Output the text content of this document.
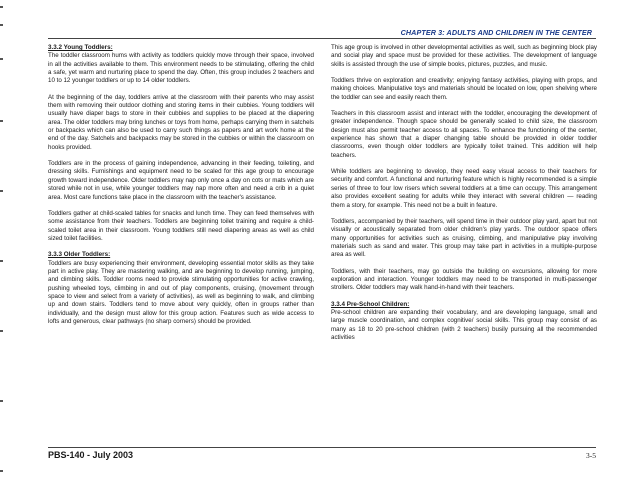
CHAPTER 3: ADULTS AND CHILDREN IN THE CENTER
3.3.2 Young Toddlers:

The toddler classroom hums with activity as toddlers quickly move through their space, involved in all the activities available to them. This environment needs to be stimulating, offering the child a safe, yet warm and nurturing place to spend the day. Often, this group includes 2 teachers and 10 to 12 younger toddlers or up to 14 older toddlers.

At the beginning of the day, toddlers arrive at the classroom with their parents who may assist them with removing their outdoor clothing and storing items in their cubbies. Young toddlers will usually have diaper bags to store in their cubbies and supplies to be placed at the diapering area. The older toddlers may bring lunches or toys from home, perhaps carrying them in satchels or backpacks which can also be used to carry such things as papers and art work home at the end of the day. Satchels and backpacks may be stored in the cubbies or within the classroom on hooks provided.

Toddlers are in the process of gaining independence, advancing in their feeding, toileting, and dressing skills. Furnishings and equipment need to be scaled for this age group to encourage growth toward independence. Older toddlers may nap only once a day on cots or mats which are stored while not in use, while younger toddlers may nap more often and need a crib in a quiet area. Most care functions take place in the classroom with the teacher's assistance.

Toddlers gather at child-scaled tables for snacks and lunch time. They can feed themselves with some assistance from their teachers. Toddlers are beginning toilet training and require a child-scaled toilet area in their classroom. Young toddlers still need diapering areas as well as child sized toilet facilities.

3.3.3 Older Toddlers:

Toddlers are busy experiencing their environment, developing essential motor skills as they take part in active play. They are mastering walking, and are beginning to develop running, jumping, and climbing skills. Toddler rooms need to provide stimulating opportunities for active crawling, pushing wheeled toys, climbing in and out of play components, cruising, (movement through space to view and select from a variety of activities), as well as beginning to walk, and climbing up and down stairs. Toddlers tend to move about very quickly, often in groups rather than individually, and the design must allow for this group action. Features such as wide access to lofts and generous, clear pathways (no sharp corners) should be provided.

This age group is involved in other developmental activities as well, such as beginning block play and social play and space must be provided for these activities. The development of language skills is assisted through the use of simple books, pictures, puzzles, and music.

Toddlers thrive on exploration and creativity; enjoying fantasy activities, playing with props, and making choices. Manipulative toys and materials should be located on low, open shelving where the toddler can see and easily reach them.

Teachers in this classroom assist and interact with the toddler, encouraging the development of greater independence. Though space should be generally scaled to child size, the classroom design must also permit teacher access to all spaces. To enhance the functioning of the center, experience has shown that a diaper changing table should be provided in older toddler classrooms, even though older toddlers are typically toilet trained. This addition will help teachers.

While toddlers are beginning to develop, they need easy visual access to their teachers for security and comfort. A functional and nurturing feature which is highly recommended is a simple series of three to four low risers which several toddlers at a time can occupy. This arrangement also provides excellent seating for adults while they interact with several children — reading them a story, for example. This need not be a built in feature.

Toddlers, accompanied by their teachers, will spend time in their outdoor play yard, apart but not visually or acoustically separated from older children's play yards. The outdoor space offers many opportunities for activities such as cruising, climbing, and manipulative play involving materials such as sand and water. This group may take part in activities in a multiple-purpose area as well.

Toddlers, with their teachers, may go outside the building on excursions, allowing for more exploration and interaction. Younger toddlers may need to be transported in multi-passenger strollers. Older toddlers may walk hand-in-hand with their teachers.

3.3.4 Pre-School Children:

Pre-school children are expanding their vocabulary, and are developing language, small and large muscle coordination, and complex cognitive/ social skills. This group may consist of as many as 18 to 20 pre-school children (with 2 teachers) busily pursuing all the recommended activities

PBS-140 - July 2003	3-5
